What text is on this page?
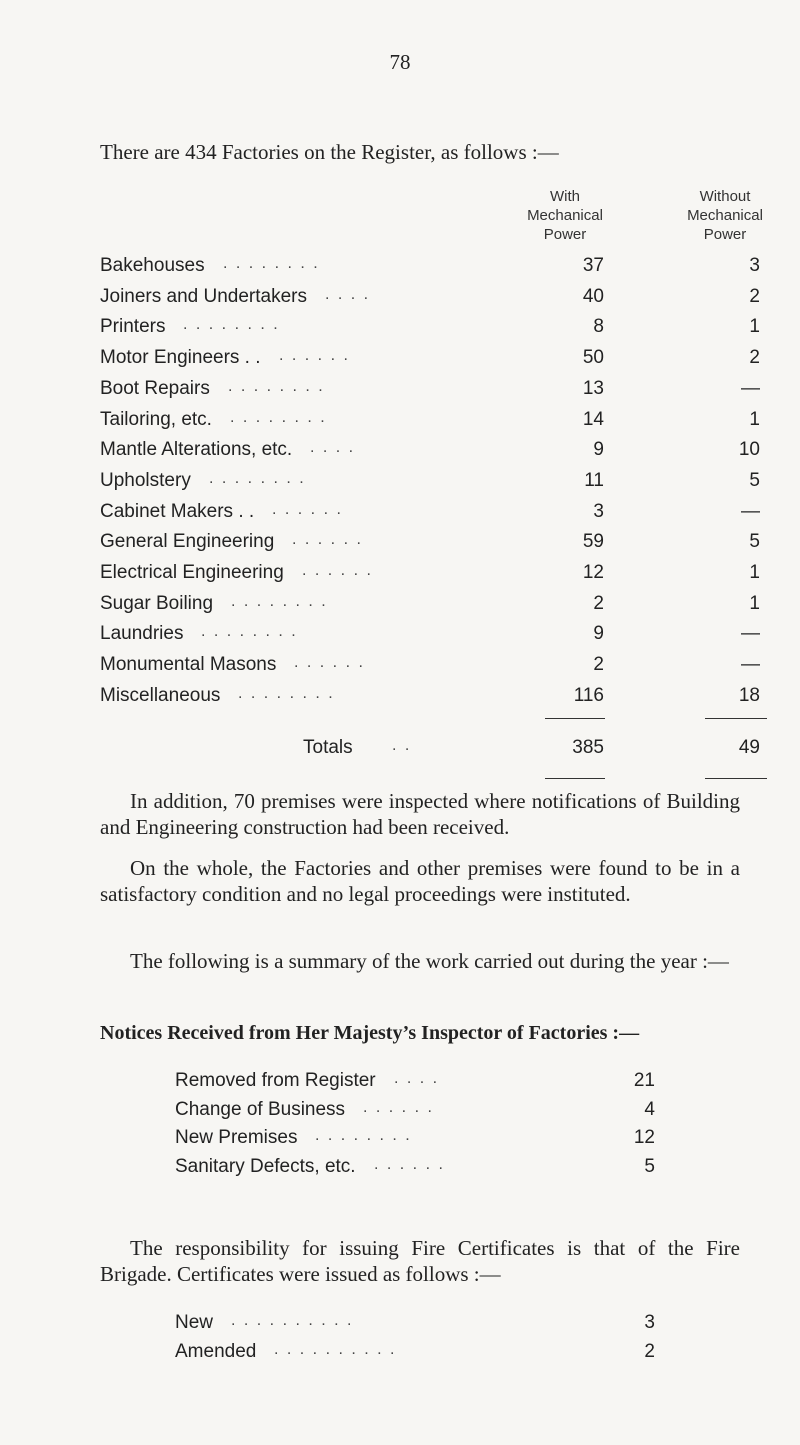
78
There are 434 Factories on the Register, as follows :—
With
Mechanical
Power
Without
Mechanical
Power
Bakehouses . . . . . . . .	37	3
Joiners and Undertakers . . . .	40	2
Printers . . . . . . . .	8	1
Motor Engineers . . . . . . . .	50	2
Boot Repairs . . . . . . . .	13	—
Tailoring, etc. . . . . . . . .	14	1
Mantle Alterations, etc. . . . .	9	10
Upholstery . . . . . . . .	11	5
Cabinet Makers . . . . . . . .	3	—
General Engineering . . . . . .	59	5
Electrical Engineering . . . . . .	12	1
Sugar Boiling . . . . . . . .	2	1
Laundries . . . . . . . .	9	—
Monumental Masons . . . . . .	2	—
Miscellaneous . . . . . . . .	116	18
Totals . .	385	49
In addition, 70 premises were inspected where notifications of Building and Engineering construction had been received.
On the whole, the Factories and other premises were found to be in a satisfactory condition and no legal proceedings were instituted.
The following is a summary of the work carried out during the year :—
Notices Received from Her Majesty’s Inspector of Factories :—
Removed from Register . . . .	21
Change of Business . . . . . .	4
New Premises . . . . . . . .	12
Sanitary Defects, etc. . . . . . .	5
The responsibility for issuing Fire Certificates is that of the Fire Brigade. Certificates were issued as follows :—
New . . . . . . . . . .	3
Amended . . . . . . . . . .	2
